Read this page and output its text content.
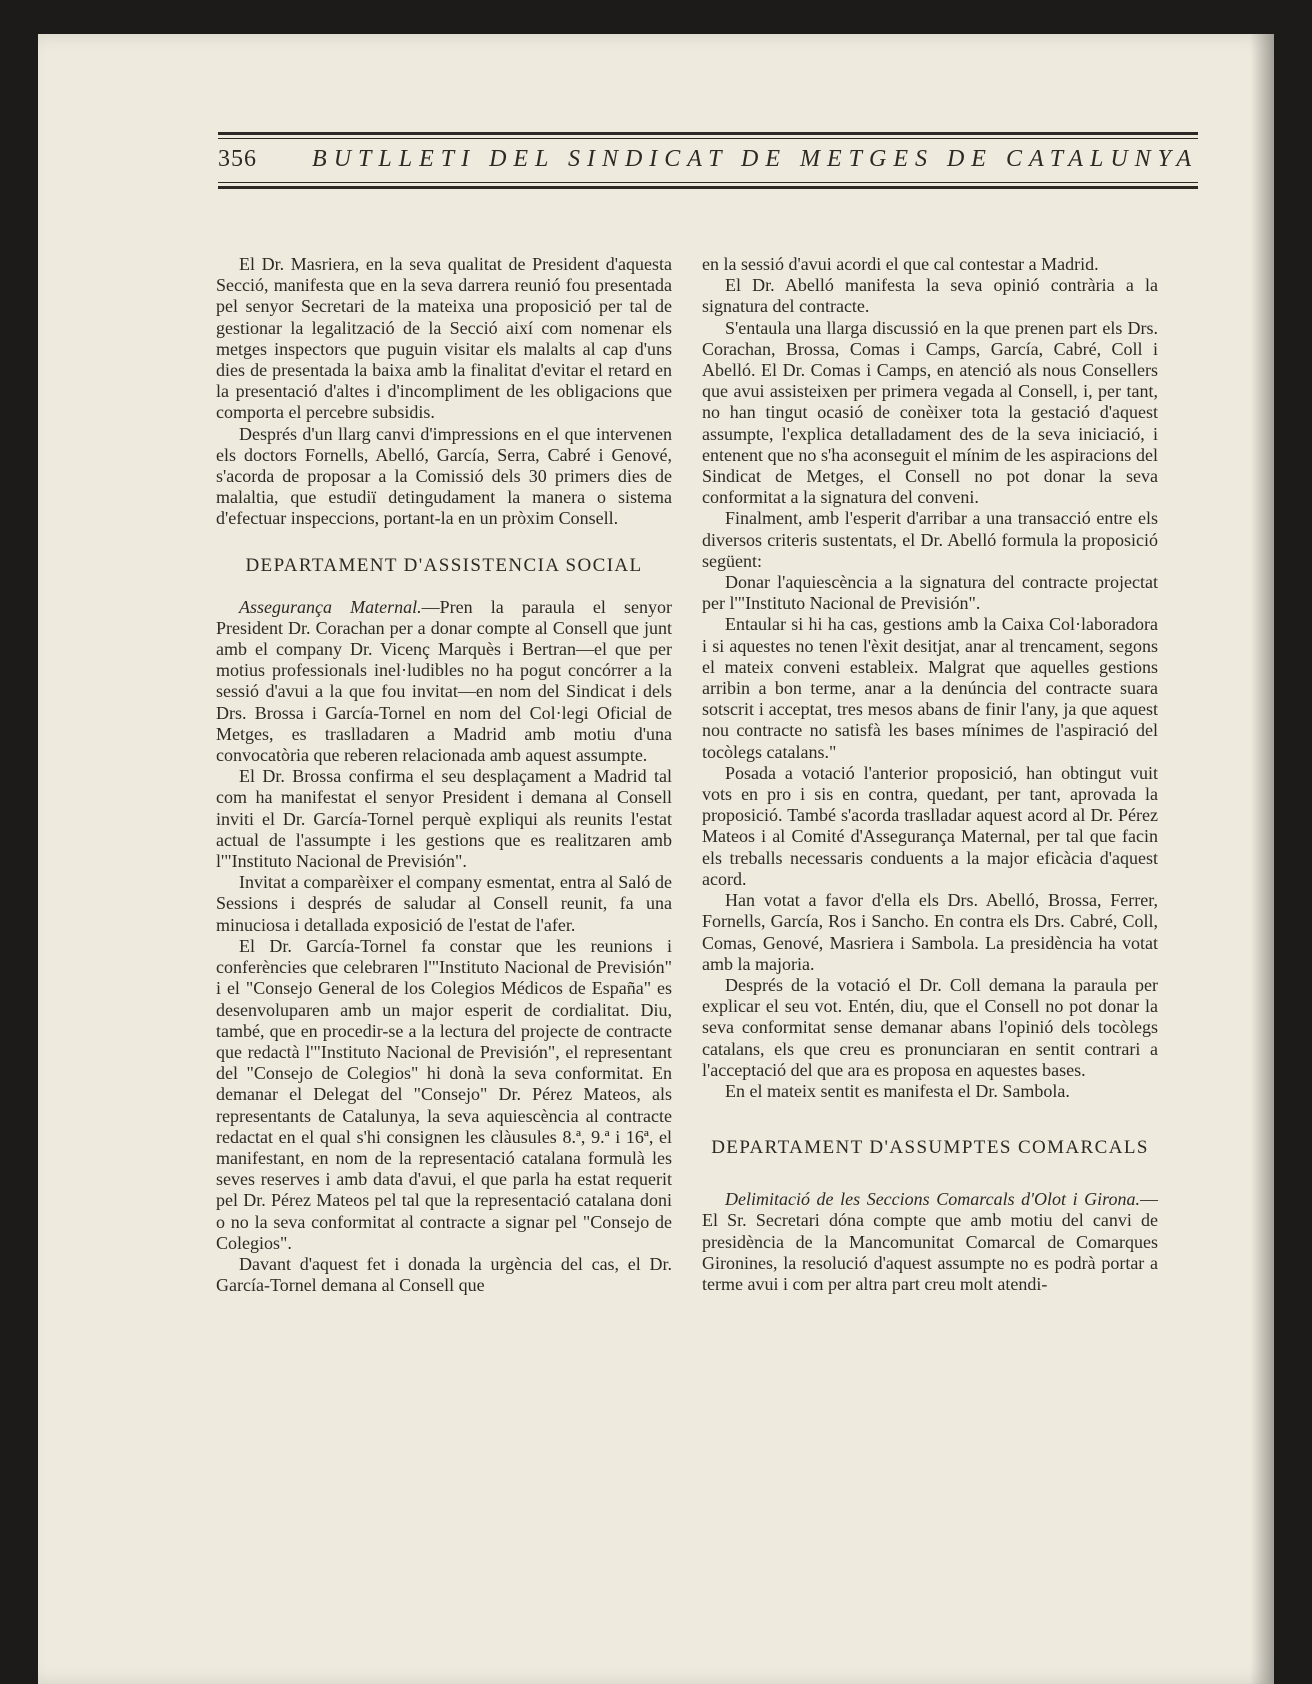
356	BUTLLETI DEL SINDICAT DE METGES DE CATALUNYA

El Dr. Masriera, en la seva qualitat de President d'aquesta Secció, manifesta que en la seva darrera reunió fou presentada pel senyor Secretari de la mateixa una proposició per tal de gestionar la legalització de la Secció així com nomenar els metges inspectors que puguin visitar els malalts al cap d'uns dies de presentada la baixa amb la finalitat d'evitar el retard en la presentació d'altes i d'incompliment de les obligacions que comporta el percebre subsidis.

Després d'un llarg canvi d'impressions en el que intervenen els doctors Fornells, Abelló, García, Serra, Cabré i Genové, s'acorda de proposar a la Comissió dels 30 primers dies de malaltia, que estudiï detingudament la manera o sistema d'efectuar inspeccions, portant-la en un pròxim Consell.

DEPARTAMENT D'ASSISTENCIA SOCIAL

Assegurança Maternal.—Pren la paraula el senyor President Dr. Corachan per a donar compte al Consell que junt amb el company Dr. Vicenç Marquès i Bertran—el que per motius professionals inel·ludibles no ha pogut concórrer a la sessió d'avui a la que fou invitat—en nom del Sindicat i dels Drs. Brossa i García-Tornel en nom del Col·legi Oficial de Metges, es traslladaren a Madrid amb motiu d'una convocatòria que reberen relacionada amb aquest assumpte.

El Dr. Brossa confirma el seu desplaçament a Madrid tal com ha manifestat el senyor President i demana al Consell inviti el Dr. García-Tornel perquè expliqui als reunits l'estat actual de l'assumpte i les gestions que es realitzaren amb l'"Instituto Nacional de Previsión".

Invitat a comparèixer el company esmentat, entra al Saló de Sessions i després de saludar al Consell reunit, fa una minuciosa i detallada exposició de l'estat de l'afer.

El Dr. García-Tornel fa constar que les reunions i conferències que celebraren l'"Instituto Nacional de Previsión" i el "Consejo General de los Colegios Médicos de España" es desenvoluparen amb un major esperit de cordialitat. Diu, també, que en procedir-se a la lectura del projecte de contracte que redactà l'"Instituto Nacional de Previsión", el representant del "Consejo de Colegios" hi donà la seva conformitat. En demanar el Delegat del "Consejo" Dr. Pérez Mateos, als representants de Catalunya, la seva aquiescència al contracte redactat en el qual s'hi consignen les clàusules 8.ª, 9.ª i 16ª, el manifestant, en nom de la representació catalana formulà les seves reserves i amb data d'avui, el que parla ha estat requerit pel Dr. Pérez Mateos pel tal que la representació catalana doni o no la seva conformitat al contracte a signar pel "Consejo de Colegios".

Davant d'aquest fet i donada la urgència del cas, el Dr. García-Tornel demana al Consell que

en la sessió d'avui acordi el que cal contestar a Madrid.

El Dr. Abelló manifesta la seva opinió contrària a la signatura del contracte.

S'entaula una llarga discussió en la que prenen part els Drs. Corachan, Brossa, Comas i Camps, García, Cabré, Coll i Abelló. El Dr. Comas i Camps, en atenció als nous Consellers que avui assisteixen per primera vegada al Consell, i, per tant, no han tingut ocasió de conèixer tota la gestació d'aquest assumpte, l'explica detalladament des de la seva iniciació, i entenent que no s'ha aconseguit el mínim de les aspiracions del Sindicat de Metges, el Consell no pot donar la seva conformitat a la signatura del conveni.

Finalment, amb l'esperit d'arribar a una transacció entre els diversos criteris sustentats, el Dr. Abelló formula la proposició següent:

Donar l'aquiescència a la signatura del contracte projectat per l'"Instituto Nacional de Previsión".

Entaular si hi ha cas, gestions amb la Caixa Col·laboradora i si aquestes no tenen l'èxit desitjat, anar al trencament, segons el mateix conveni estableix. Malgrat que aquelles gestions arribin a bon terme, anar a la denúncia del contracte suara sotscrit i acceptat, tres mesos abans de finir l'any, ja que aquest nou contracte no satisfà les bases mínimes de l'aspiració del tocòlegs catalans."

Posada a votació l'anterior proposició, han obtingut vuit vots en pro i sis en contra, quedant, per tant, aprovada la proposició. També s'acorda traslladar aquest acord al Dr. Pérez Mateos i al Comité d'Assegurança Maternal, per tal que facin els treballs necessaris conduents a la major eficàcia d'aquest acord.

Han votat a favor d'ella els Drs. Abelló, Brossa, Ferrer, Fornells, García, Ros i Sancho. En contra els Drs. Cabré, Coll, Comas, Genové, Masriera i Sambola. La presidència ha votat amb la majoria.

Després de la votació el Dr. Coll demana la paraula per explicar el seu vot. Entén, diu, que el Consell no pot donar la seva conformitat sense demanar abans l'opinió dels tocòlegs catalans, els que creu es pronunciaran en sentit contrari a l'acceptació del que ara es proposa en aquestes bases.

En el mateix sentit es manifesta el Dr. Sambola.

DEPARTAMENT D'ASSUMPTES COMARCALS

Delimitació de les Seccions Comarcals d'Olot i Girona.—El Sr. Secretari dóna compte que amb motiu del canvi de presidència de la Mancomunitat Comarcal de Comarques Gironines, la resolució d'aquest assumpte no es podrà portar a terme avui i com per altra part creu molt atendi-
